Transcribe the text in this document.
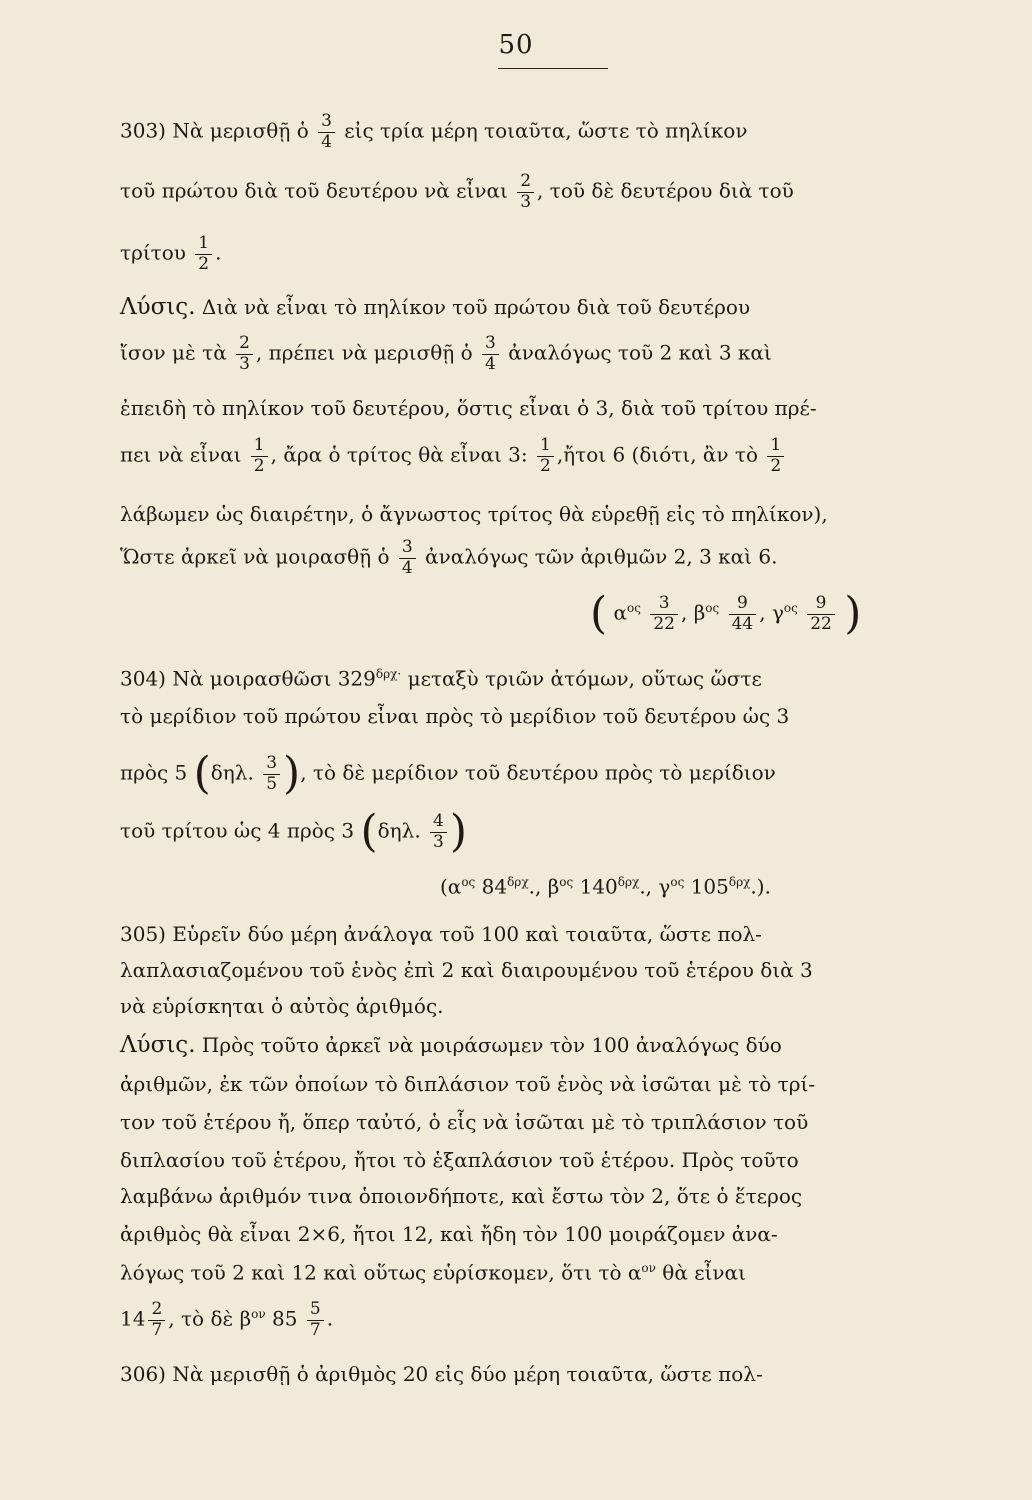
50
303) Νὰ μερισθῇ ὁ $\frac{3}{4}$ εἰς τρία μέρη τοιαῦτα, ὥστε τὸ πηλίκον
τοῦ πρώτου διὰ τοῦ δευτέρου νὰ εἶναι $\frac{2}{3}$ , τοῦ δὲ δευτέρου διὰ τοῦ
τρίτου $\frac{1}{2}$ .
Λύσις. Διὰ νὰ εἶναι τὸ πηλίκον τοῦ πρώτου διὰ τοῦ δευτέρου
ἴσον μὲ τὰ $\frac{2}{3}$ , πρέπει νὰ μερισθῇ ὁ $\frac{3}{4}$ ἀναλόγως τοῦ 2 καὶ 3 καὶ
ἐπειδὴ τὸ πηλίκον τοῦ δευτέρου, ὅστις εἶναι ὁ 3, διὰ τοῦ τρίτου πρέ-
πει νὰ εἶναι $\frac{1}{2}$ , ἄρα ὁ τρίτος θὰ εἶναι 3: $\frac{1}{2}$ ,ἤτοι 6 (διότι, ἂν τὸ $\frac{1}{2}$
λάβωμεν ὡς διαιρέτην, ὁ ἄγνωστος τρίτος θὰ εὑρεθῇ εἰς τὸ πηλίκον),
Ὥστε ἀρκεῖ νὰ μοιρασθῇ ὁ $\frac{3}{4}$ ἀναλόγως τῶν ἀριθμῶν 2, 3 καὶ 6.
( $\alpha^{o\varsigma} \frac{3}{22}$ , $\beta^{o\varsigma} \frac{9}{44}$ , $\gamma^{o\varsigma} \frac{9}{22}$ )
304) Νὰ μοιρασθῶσι $329^{\delta\rho\chi\cdot}$ μεταξὺ τριῶν ἀτόμων, οὕτως ὥστε
τὸ μερίδιον τοῦ πρώτου εἶναι πρὸς τὸ μερίδιον τοῦ δευτέρου ὡς 3
πρὸς 5 (δηλ. $\frac{3}{5}$ ), τὸ δὲ μερίδιον τοῦ δευτέρου πρὸς τὸ μερίδιον
τοῦ τρίτου ὡς 4 πρὸς 3 (δηλ. $\frac{4}{3}$ )
($\alpha^{o\varsigma}$ $84^{\delta\rho\chi}$., $\beta^{o\varsigma}$ $140^{\delta\rho\chi}$., $\gamma^{o\varsigma}$ $105^{\delta\rho\chi}$.).
305) Εὑρεῖν δύο μέρη ἀνάλογα τοῦ 100 καὶ τοιαῦτα, ὥστε πολ-
λαπλασιαζομένου τοῦ ἑνὸς ἐπὶ 2 καὶ διαιρουμένου τοῦ ἑτέρου διὰ 3
νὰ εὑρίσκηται ὁ αὐτὸς ἀριθμός.
Λύσις. Πρὸς τοῦτο ἀρκεῖ νὰ μοιράσωμεν τὸν 100 ἀναλόγως δύο
ἀριθμῶν, ἐκ τῶν ὁποίων τὸ διπλάσιον τοῦ ἑνὸς νὰ ἰσῶται μὲ τὸ τρί-
τον τοῦ ἑτέρου ἤ, ὅπερ ταὐτό, ὁ εἷς νὰ ἰσῶται μὲ τὸ τριπλάσιον τοῦ
διπλασίου τοῦ ἑτέρου, ἤτοι τὸ ἑξαπλάσιον τοῦ ἑτέρου. Πρὸς τοῦτο
λαμβάνω ἀριθμόν τινα ὁποιονδήποτε, καὶ ἔστω τὸν 2, ὅτε ὁ ἕτερος
ἀριθμὸς θὰ εἶναι 2×6, ἤτοι 12, καὶ ἤδη τὸν 100 μοιράζομεν ἀνα-
λόγως τοῦ 2 καὶ 12 καὶ οὕτως εὑρίσκομεν, ὅτι τὸ $\alpha^{o\nu}$ θὰ εἶναι
$14 \frac{2}{7}$ , τὸ δὲ $\beta^{o\nu}$ $85 \frac{5}{7}$ .
306) Νὰ μερισθῇ ὁ ἀριθμὸς 20 εἰς δύο μέρη τοιαῦτα, ὥστε πολ-
